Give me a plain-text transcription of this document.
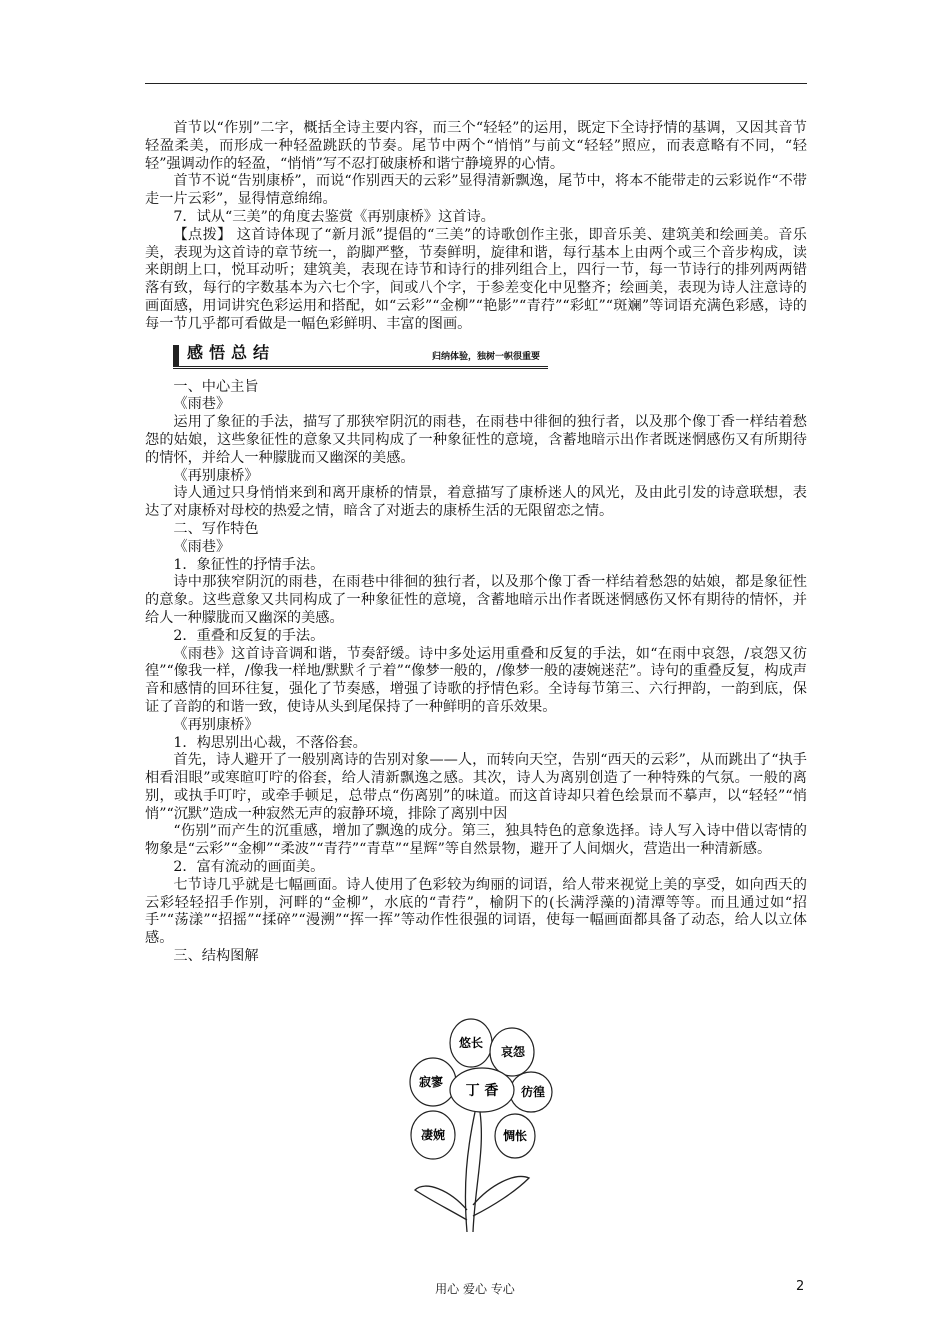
首节以“作别”二字，概括全诗主要内容，而三个“轻轻”的运用，既定下全诗抒情的基调，又因其音节轻盈柔美，而形成一种轻盈跳跃的节奏。尾节中两个“悄悄”与前文“轻轻”照应，而表意略有不同，“轻轻”强调动作的轻盈，“悄悄”写不忍打破康桥和谐宁静境界的心情。

首节不说“告别康桥”，而说“作别西天的云彩”显得清新飘逸，尾节中，将本不能带走的云彩说作“不带走一片云彩”，显得情意绵绵。

7．试从“三美”的角度去鉴赏《再别康桥》这首诗。

【点拨】 这首诗体现了“新月派”提倡的“三美”的诗歌创作主张，即音乐美、建筑美和绘画美。音乐美，表现为这首诗的章节统一，韵脚严整，节奏鲜明，旋律和谐，每行基本上由两个或三个音步构成，读来朗朗上口，悦耳动听；建筑美，表现在诗节和诗行的排列组合上，四行一节，每一节诗行的排列两两错落有致，每行的字数基本为六七个字，间或八个字，于参差变化中见整齐；绘画美，表现为诗人注意诗的画面感，用词讲究色彩运用和搭配，如“云彩”“金柳”“艳影”“青荇”“彩虹”“斑斓”等词语充满色彩感，诗的每一节几乎都可看做是一幅色彩鲜明、丰富的图画。

感悟总结	归纳体验，独树一帜很重要

一、中心主旨

《雨巷》

运用了象征的手法，描写了那狭窄阴沉的雨巷，在雨巷中徘徊的独行者，以及那个像丁香一样结着愁怨的姑娘，这些象征性的意象又共同构成了一种象征性的意境，含蓄地暗示出作者既迷惘感伤又有所期待的情怀，并给人一种朦胧而又幽深的美感。

《再别康桥》

诗人通过只身悄悄来到和离开康桥的情景，着意描写了康桥迷人的风光，及由此引发的诗意联想，表达了对康桥对母校的热爱之情，暗含了对逝去的康桥生活的无限留恋之情。

二、写作特色

《雨巷》

1．象征性的抒情手法。

诗中那狭窄阴沉的雨巷，在雨巷中徘徊的独行者，以及那个像丁香一样结着愁怨的姑娘，都是象征性的意象。这些意象又共同构成了一种象征性的意境，含蓄地暗示出作者既迷惘感伤又怀有期待的情怀，并给人一种朦胧而又幽深的美感。

2．重叠和反复的手法。

《雨巷》这首诗音调和谐，节奏舒缓。诗中多处运用重叠和反复的手法，如“在雨中哀怨，/哀怨又彷徨”“像我一样，/像我一样地/默默彳亍着”“像梦一般的，/像梦一般的凄婉迷茫”。诗句的重叠反复，构成声音和感情的回环往复，强化了节奏感，增强了诗歌的抒情色彩。全诗每节第三、六行押韵，一韵到底，保证了音韵的和谐一致，使诗从头到尾保持了一种鲜明的音乐效果。

《再别康桥》

1．构思别出心裁，不落俗套。

首先，诗人避开了一般别离诗的告别对象——人，而转向天空，告别“西天的云彩”，从而跳出了“执手相看泪眼”或寒暄叮咛的俗套，给人清新飘逸之感。其次，诗人为离别创造了一种特殊的气氛。一般的离别，或执手叮咛，或牵手顿足，总带点“伤离别”的味道。而这首诗却只着色绘景而不摹声，以“轻轻”“悄悄”“沉默”造成一种寂然无声的寂静环境，排除了离别中因

“伤别”而产生的沉重感，增加了飘逸的成分。第三，独具特色的意象选择。诗人写入诗中借以寄情的物象是“云彩”“金柳”“柔波”“青荇”“青草”“星辉”等自然景物，避开了人间烟火，营造出一种清新感。

2．富有流动的画面美。

七节诗几乎就是七幅画面。诗人使用了色彩较为绚丽的词语，给人带来视觉上美的享受，如向西天的云彩轻轻招手作别，河畔的“金柳”，水底的“青荇”，榆阴下的(长满浮藻的)清潭等等。而且通过如“招手”“荡漾”“招摇”“揉碎”“漫溯”“挥一挥”等动作性很强的词语，使每一幅画面都具备了动态，给人以立体感。

三、结构图解

悠长
哀怨
彷徨
惆怅
凄婉
寂寥
丁 香
用心 爱心 专心	2
